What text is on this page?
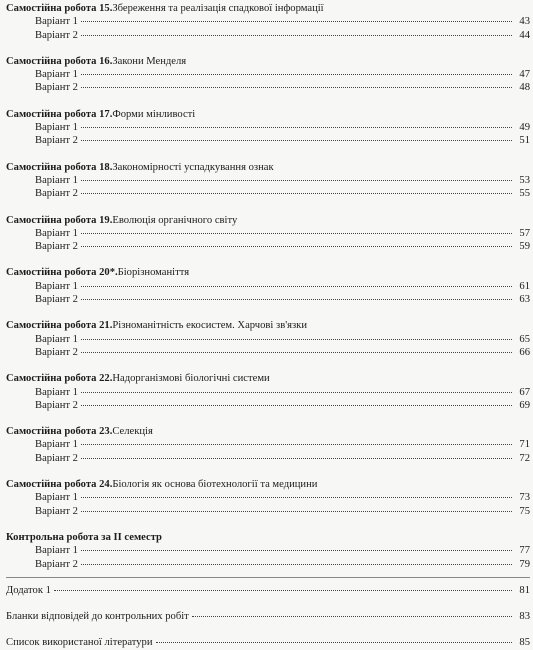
Самостійна робота 15. Збереження та реалізація спадкової інформації
Варіант 1	43
Варіант 2	44
Самостійна робота 16. Закони Менделя
Варіант 1	47
Варіант 2	48
Самостійна робота 17. Форми мінливості
Варіант 1	49
Варіант 2	51
Самостійна робота 18. Закономірності успадкування ознак
Варіант 1	53
Варіант 2	55
Самостійна робота 19. Еволюція органічного світу
Варіант 1	57
Варіант 2	59
Самостійна робота 20*. Біорізноманіття
Варіант 1	61
Варіант 2	63
Самостійна робота 21. Різноманітність екосистем. Харчові зв'язки
Варіант 1	65
Варіант 2	66
Самостійна робота 22. Надорганізмові біологічні системи
Варіант 1	67
Варіант 2	69
Самостійна робота 23. Селекція
Варіант 1	71
Варіант 2	72
Самостійна робота 24. Біологія як основа біотехнології та медицини
Варіант 1	73
Варіант 2	75
Контрольна робота за II семестр
Варіант 1	77
Варіант 2	79
Додаток 1	81
Бланки відповідей до контрольних робіт	83
Список використаної літератури	85
